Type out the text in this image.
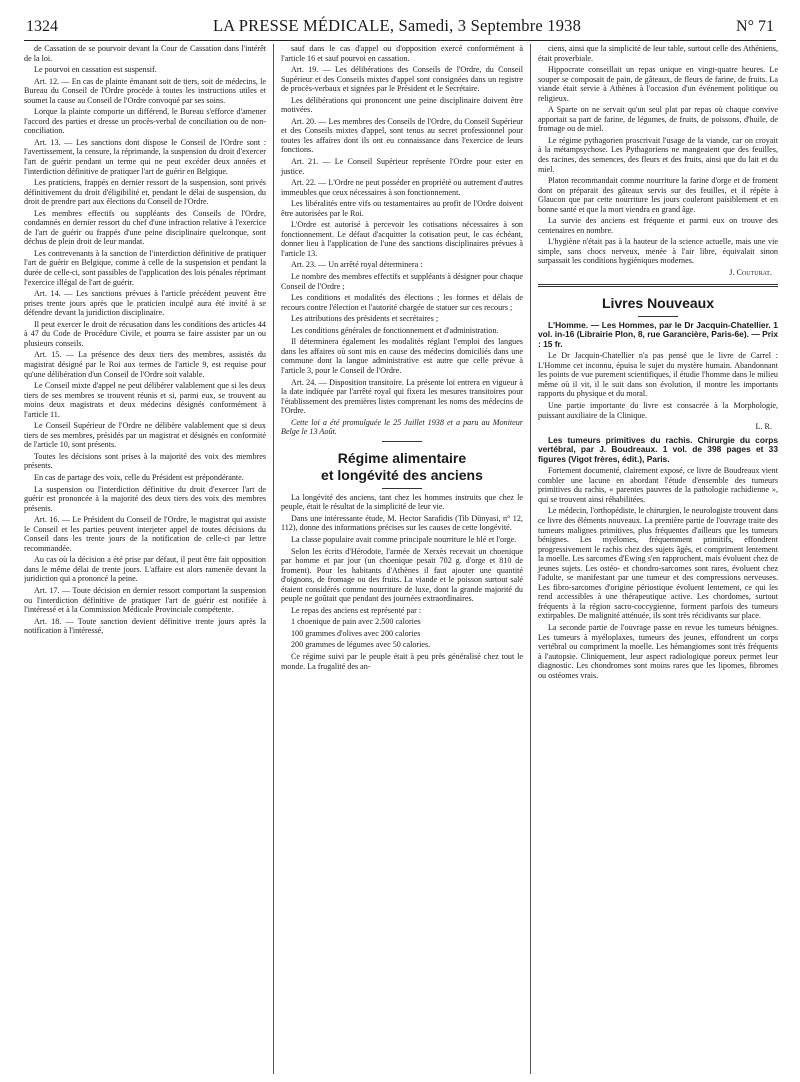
1324	LA PRESSE MÉDICALE, Samedi, 3 Septembre 1938	N° 71

de Cassation de se pourvoir devant la Cour de Cassation dans l'intérêt de la loi.

Le pourvoi en cassation est suspensif.

Art. 12. — En cas de plainte émanant soit de tiers, soit de médecins, le Bureau du Conseil de l'Ordre procède à toutes les instructions utiles et soumet la cause au Conseil de l'Ordre convoqué par ses soins.

Lorque la plainte comporte un différend, le Bureau s'efforce d'amener l'accord des parties et dresse un procès-verbal de conciliation ou de non-conciliation.

Art. 13. — Les sanctions dont dispose le Conseil de l'Ordre sont : l'avertissement, la censure, la réprimande, la suspension du droit d'exercer l'art de guérir pendant un terme qui ne peut excéder deux années et l'interdiction définitive de pratiquer l'art de guérir en Belgique.

Les praticiens, frappés en dernier ressort de la suspension, sont privés définitivement du droit d'éligibilité et, pendant le délai de suspension, du droit de prendre part aux élections du Conseil de l'Ordre.

Les membres effectifs ou suppléants des Conseils de l'Ordre, condamnés en dernier ressort du chef d'une infraction relative à l'exercice de l'art de guérir ou frappés d'une peine disciplinaire quelconque, sont déchus de plein droit de leur mandat.

Les contrevenants à la sanction de l'interdiction définitive de pratiquer l'art de guérir en Belgique, comme à celle de la suspension et pendant la durée de celle-ci, sont passibles de l'application des lois pénales réprimant l'exercice illégal de l'art de guérir.

Art. 14. — Les sanctions prévues à l'article précédent peuvent être prises trente jours après que le praticien inculpé aura été invité à se défendre devant la juridiction disciplinaire.

Il peut exercer le droit de récusation dans les conditions des articles 44 à 47 du Code de Procédure Civile, et pourra se faire assister par un ou plusieurs conseils.

Art. 15. — La présence des deux tiers des membres, assistés du magistrat désigné par le Roi aux termes de l'article 9, est requise pour qu'une délibération d'un Conseil de l'Ordre soit valable.

Le Conseil mixte d'appel ne peut délibérer valablement que si les deux tiers de ses membres se trouvent réunis et si, parmi eux, se trouvent au moins deux magistrats et deux médecins désignés conformément à l'article 11.

Le Conseil Supérieur de l'Ordre ne délibère valablement que si deux tiers de ses membres, présidés par un magistrat et désignés en conformité de l'article 10, sont présents.

Toutes les décisions sont prises à la majorité des voix des membres présents.

En cas de partage des voix, celle du Président est prépondérante.

La suspension ou l'interdiction définitive du droit d'exercer l'art de guérir est prononcée à la majorité des deux tiers des voix des membres présents.

Art. 16. — Le Président du Conseil de l'Ordre, le magistrat qui assiste le Conseil et les parties peuvent interjeter appel de toutes décisions du Conseil dans les trente jours de la notification de celle-ci par lettre recommandée.

Au cas où la décision a été prise par défaut, il peut être fait opposition dans le même délai de trente jours. L'affaire est alors ramenée devant la juridiction qui a prononcé la peine.

Art. 17. — Toute décision en dernier ressort comportant la suspension ou l'interdiction définitive de pratiquer l'art de guérir est notifiée à l'intéressé et à la Commission Médicale Provinciale compétente.

Art. 18. — Toute sanction devient définitive trente jours après la notification à l'intéressé,

sauf dans le cas d'appel ou d'opposition exercé conformément à l'article 16 et sauf pourvoi en cassation.

Art. 19. — Les délibérations des Conseils de l'Ordre, du Conseil Supérieur et des Conseils mixtes d'appel sont consignées dans un registre de procès-verbaux et signées par le Président et le Secrétaire.

Les délibérations qui prononcent une peine disciplinaire doivent être motivées.

Art. 20. — Les membres des Conseils de l'Ordre, du Conseil Supérieur et des Conseils mixtes d'appel, sont tenus au secret professionnel pour toutes les affaires dont ils ont eu connaissance dans l'exercice de leurs fonctions.

Art. 21. — Le Conseil Supérieur représente l'Ordre pour ester en justice.

Art. 22. — L'Ordre ne peut posséder en propriété ou autrement d'autres immeubles que ceux nécessaires à son fonctionnement.

Les libéralités entre vifs ou testamentaires au profit de l'Ordre doivent être autorisées par le Roi.

L'Ordre est autorisé à percevoir les cotisations nécessaires à son fonctionnement. Le défaut d'acquitter la cotisation peut, le cas échéant, donner lieu à l'application de l'une des sanctions disciplinaires prévues à l'article 13.

Art. 23. — Un arrêté royal déterminera :

Le nombre des membres effectifs et suppléants à désigner pour chaque Conseil de l'Ordre ;

Les conditions et modalités des élections ; les formes et délais de recours contre l'élection et l'autorité chargée de statuer sur ces recours ;

Les attributions des présidents et secrétaires ;

Les conditions générales de fonctionnement et d'administration.

Il déterminera également les modalités réglant l'emploi des langues dans les affaires où sont mis en cause des médecins domiciliés dans une commune dont la langue administrative est autre que celle prévue à l'article 3, pour le Conseil de l'Ordre.

Art. 24. — Disposition transitoire. La présente loi entrera en vigueur à la date indiquée par l'arrêté royal qui fixera les mesures transitoires pour l'établissement des premières listes comprenant les noms des médecins de l'Ordre.

Cette loi a été promulguée le 25 Juillet 1938 et a paru au Moniteur Belge le 13 Août.

Régime alimentaire
et longévité des anciens

La longévité des anciens, tant chez les hommes instruits que chez le peuple, était le résultat de la simplicité de leur vie.

Dans une intéressante étude, M. Hector Sarafidis (Tib Dünyasi, n° 12, 112), donne des informations précises sur les causes de cette longévité.

La classe populaire avait comme principale nourriture le blé et l'orge.

Selon les écrits d'Hérodote, l'armée de Xerxès recevait un choenique par homme et par jour (un choenique pesait 702 g. d'orge et 810 de froment). Pour les habitants d'Athènes il faut ajouter une quantité d'oignons, de fromage ou des fruits. La viande et le poisson surtout salé étaient considérés comme nourriture de luxe, dont la grande majorité du peuple ne goûtait que pendant des journées extraordinaires.

Le repas des anciens est représenté par :

1 choenique de pain avec 2.500 calories

100 grammes d'olives avec 200 calories

200 grammes de légumes avec 50 calories.

Ce régime suivi par le peuple était à peu près généralisé chez tout le monde. La frugalité des an-

ciens, ainsi que la simplicité de leur table, surtout celle des Athéniens, était proverbiale.

Hippocrate conseillait un repas unique en vingt-quatre heures. Le souper se composait de pain, de gâteaux, de fleurs de farine, de fruits. La viande était servie à Athènes à l'occasion d'un événement politique ou religieux.

A Sparte on ne servait qu'un seul plat par repas où chaque convive apportait sa part de farine, de légumes, de fruits, de poissons, d'huile, de fromage ou de miel.

Le régime pythagorien proscrivait l'usage de la viande, car on croyait à la métampsychose. Les Pythagoriens ne mangeaient que des feuilles, des racines, des semences, des fleurs et des fruits, ainsi que du lait et du miel.

Platon recommandait comme nourriture la farine d'orge et de froment dont on préparait des gâteaux servis sur des feuilles, et il répète à Glaucon que par cette nourriture les jours couleront paisiblement et en bonne santé et que la mort viendra en grand âge.

La survie des anciens est fréquente et parmi eux on trouve des centenaires en nombre.

L'hygiène n'était pas à la hauteur de la science actuelle, mais une vie simple, sans chocs nerveux, menée à l'air libre, équivalait sinon surpassait les conditions hygiéniques modernes.

J. Couturat.
Livres Nouveaux

L'Homme. — Les Hommes, par le Dr Jacquin-Chatellier. 1 vol. in-16 (Librairie Plon, 8, rue Garancière, Paris-6e). — Prix : 15 fr.

Le Dr Jacquin-Chatellier n'a pas pensé que le livre de Carrel : L'Homme cet inconnu, épuisa le sujet du mystère humain. Abandonnant les points de vue purement scientifiques, il étudie l'homme dans le milieu même où il vit, il le suit dans son évolution, il montre les importants rapports du physique et du moral.

Une partie importante du livre est consacrée à la Morphologie, puissant auxiliaire de la Clinique.

L. R.

Les tumeurs primitives du rachis. Chirurgie du corps vertébral, par J. Boudreaux. 1 vol. de 398 pages et 33 figures (Vigot frères, édit.), Paris.

Fortement documenté, clairement exposé, ce livre de Boudreaux vient combler une lacune en abordant l'étude d'ensemble des tumeurs primitives du rachis, « parentes pauvres de la pathologie rachidienne », qui se trouvent ainsi réhabilitées.

Le médecin, l'orthopédiste, le chirurgien, le neurologiste trouvent dans ce livre des éléments nouveaux. La première partie de l'ouvrage traite des tumeurs malignes primitives, plus fréquentes d'ailleurs que les tumeurs bénignes. Les myélomes, fréquemment primitifs, effondrent progressivement le rachis chez des sujets âgés, et compriment lentement la moelle. Les sarcomes d'Ewing s'en rapprochent, mais évoluent chez de jeunes sujets. Les ostéo- et chondro-sarcomes sont rares, évoluent chez l'adulte, se manifestant par une tumeur et des compressions nerveuses. Les fibro-sarcomes d'origine périostique évoluent lentement, ce qui les rend accessibles à une thérapeutique active. Les chordomes, surtout fréquents à la région sacro-coccygienne, forment parfois des tumeurs extirpables. De malignité atténuée, ils sont très récidivants sur place.

La seconde partie de l'ouvrage passe en revue les tumeurs bénignes. Les tumeurs à myéloplaxes, tumeurs des jeunes, effondrent un corps vertébral ou compriment la moelle. Les hémangiomes sont très fréquents à l'autopsie. Cliniquement, leur aspect radiologique poreux permet leur diagnostic. Les chondromes sont moins rares que les lipomes, fibromes ou ostéomes vrais.
